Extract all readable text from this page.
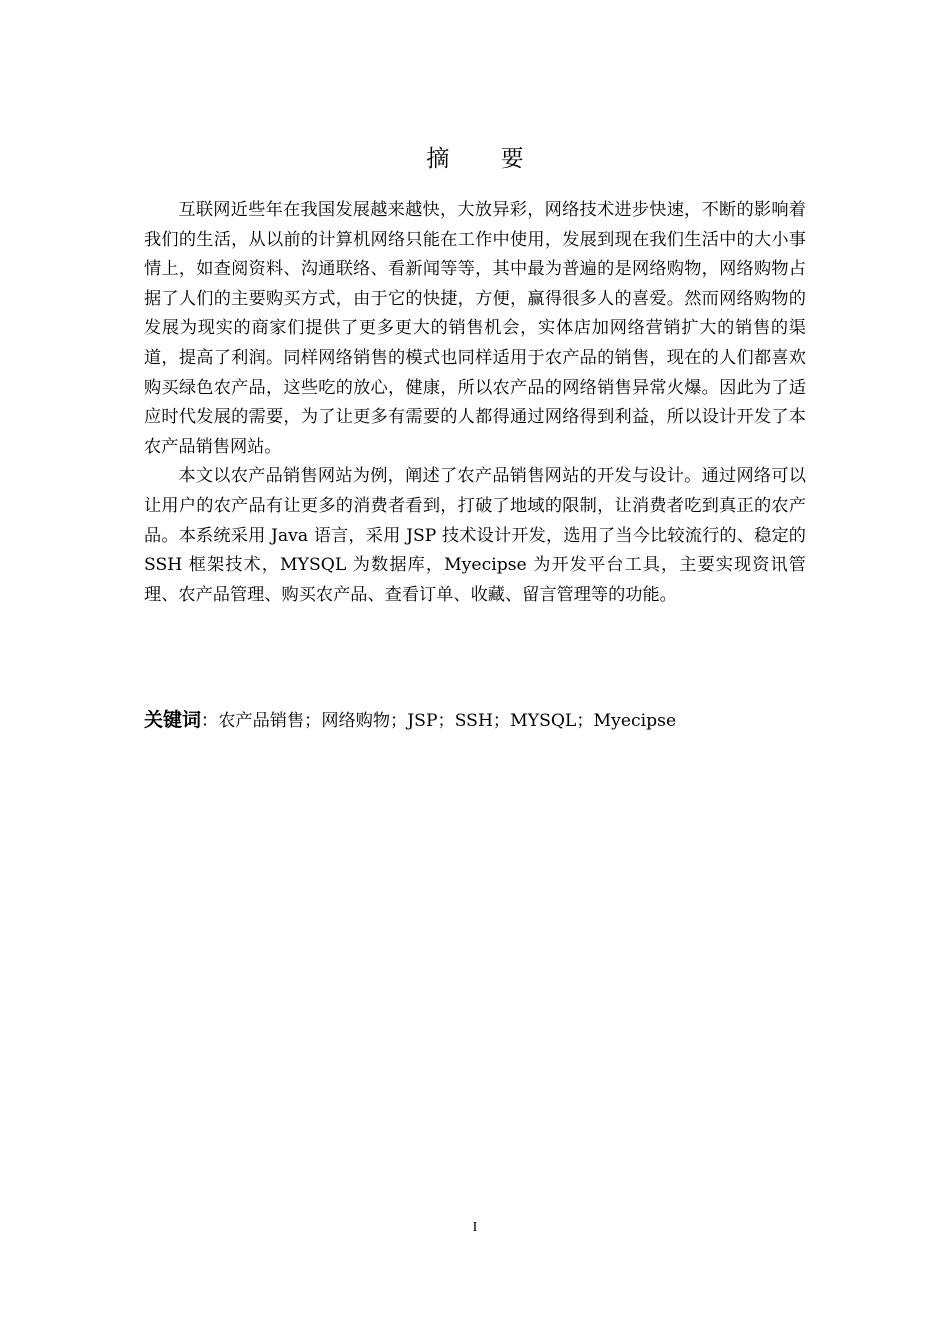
摘 要

互联网近些年在我国发展越来越快，大放异彩，网络技术进步快速，不断的影响着我们的生活，从以前的计算机网络只能在工作中使用，发展到现在我们生活中的大小事情上，如查阅资料、沟通联络、看新闻等等，其中最为普遍的是网络购物，网络购物占据了人们的主要购买方式，由于它的快捷，方便，赢得很多人的喜爱。然而网络购物的发展为现实的商家们提供了更多更大的销售机会，实体店加网络营销扩大的销售的渠道，提高了利润。同样网络销售的模式也同样适用于农产品的销售，现在的人们都喜欢购买绿色农产品，这些吃的放心，健康，所以农产品的网络销售异常火爆。因此为了适应时代发展的需要，为了让更多有需要的人都得通过网络得到利益，所以设计开发了本农产品销售网站。

本文以农产品销售网站为例，阐述了农产品销售网站的开发与设计。通过网络可以让用户的农产品有让更多的消费者看到，打破了地域的限制，让消费者吃到真正的农产品。本系统采用 Java 语言，采用 JSP 技术设计开发，选用了当今比较流行的、稳定的 SSH 框架技术，MYSQL 为数据库，Myecipse 为开发平台工具，主要实现资讯管理、农产品管理、购买农产品、查看订单、收藏、留言管理等的功能。

关键词：农产品销售；网络购物；JSP；SSH；MYSQL；Myecipse

I
